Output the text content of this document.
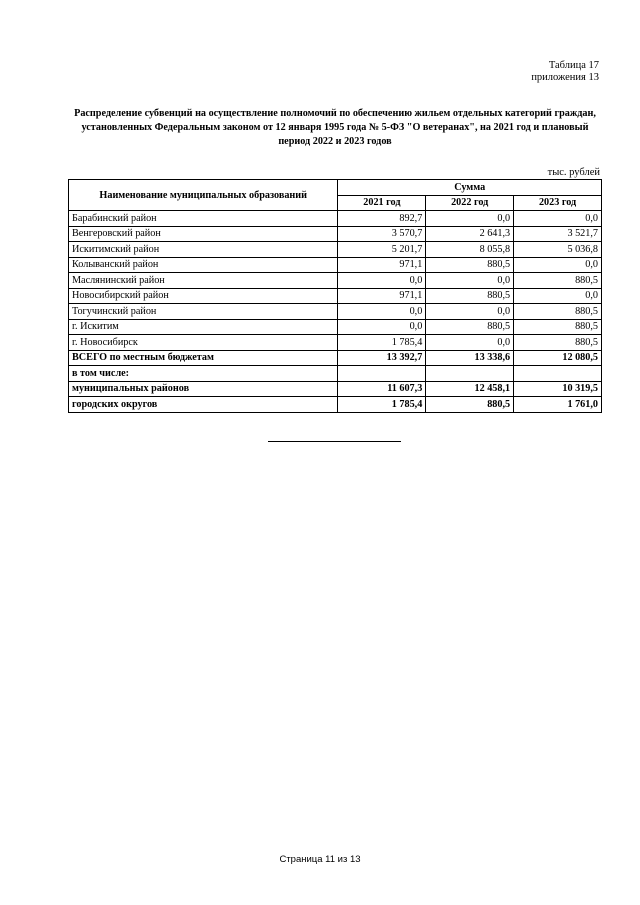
Таблица 17
приложения 13
Распределение субвенций на осуществление полномочий по обеспечению жильем отдельных категорий граждан, установленных Федеральным законом от 12 января 1995 года № 5-ФЗ "О ветеранах", на 2021 год и плановый период 2022 и 2023 годов
тыс. рублей
Наименование муниципальных образований	Сумма		
	2021 год	2022 год	2023 год
Барабинский район	892,7	0,0	0,0
Венгеровский район	3 570,7	2 641,3	3 521,7
Искитимский район	5 201,7	8 055,8	5 036,8
Колыванский район	971,1	880,5	0,0
Маслянинский район	0,0	0,0	880,5
Новосибирский район	971,1	880,5	0,0
Тогучинский район	0,0	0,0	880,5
г. Искитим	0,0	880,5	880,5
г. Новосибирск	1 785,4	0,0	880,5
ВСЕГО по местным бюджетам	13 392,7	13 338,6	12 080,5
в том числе:			
муниципальных районов	11 607,3	12 458,1	10 319,5
городских округов	1 785,4	880,5	1 761,0
Страница 11 из 13
